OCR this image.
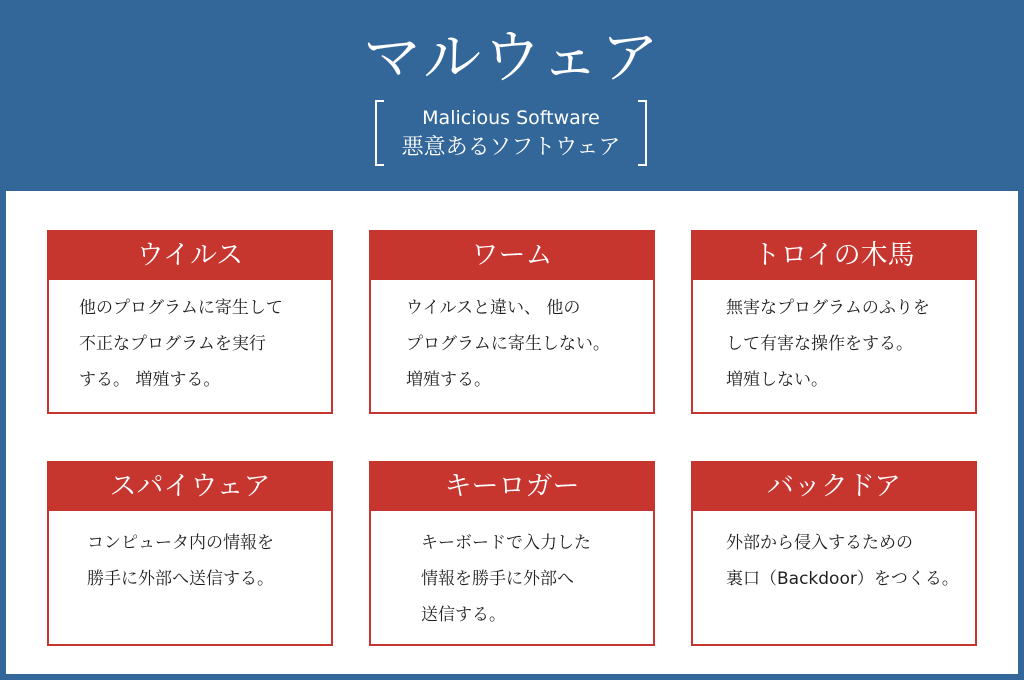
マルウェア
Malicious Software
悪意あるソフトウェア
ウイルス
他のプログラムに寄生して
不正なプログラムを実行
する。 増殖する。
ワーム
ウイルスと違い、 他の
プログラムに寄生しない。
増殖する。
トロイの木馬
無害なプログラムのふりを
して有害な操作をする。
増殖しない。
スパイウェア
コンピュータ内の情報を
勝手に外部へ送信する。
キーロガー
キーボードで入力した
情報を勝手に外部へ
送信する。
バックドア
外部から侵入するための
裏口（Backdoor）をつくる。
